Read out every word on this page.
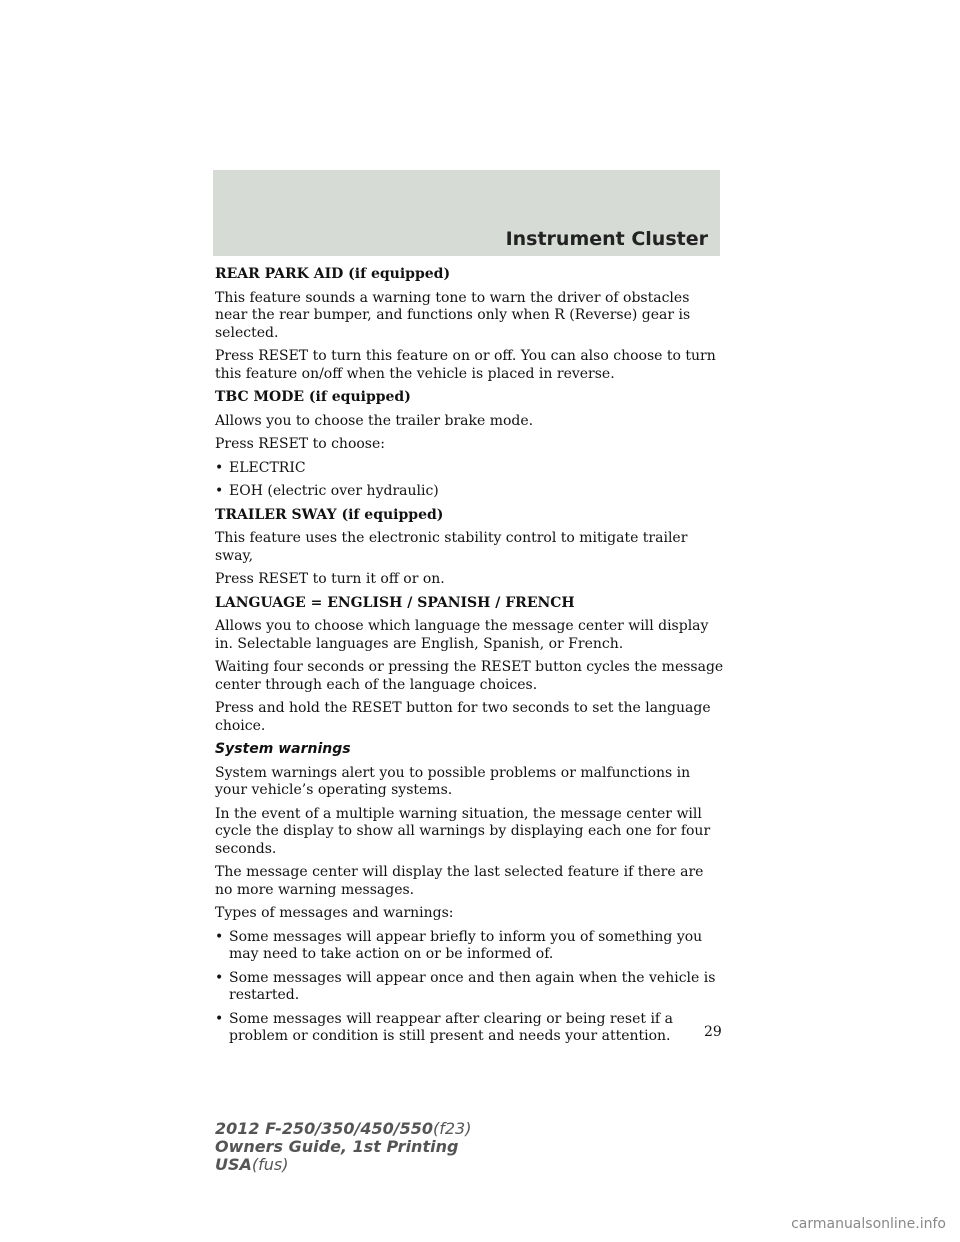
Instrument Cluster
REAR PARK AID (if equipped)

This feature sounds a warning tone to warn the driver of obstacles near the rear bumper, and functions only when R (Reverse) gear is selected.

Press RESET to turn this feature on or off. You can also choose to turn this feature on/off when the vehicle is placed in reverse.

TBC MODE (if equipped)

Allows you to choose the trailer brake mode.

Press RESET to choose:

• ELECTRIC
• EOH (electric over hydraulic)
TRAILER SWAY (if equipped)

This feature uses the electronic stability control to mitigate trailer sway,

Press RESET to turn it off or on.

LANGUAGE = ENGLISH / SPANISH / FRENCH

Allows you to choose which language the message center will display in. Selectable languages are English, Spanish, or French.

Waiting four seconds or pressing the RESET button cycles the message center through each of the language choices.

Press and hold the RESET button for two seconds to set the language choice.

System warnings

System warnings alert you to possible problems or malfunctions in your vehicle’s operating systems.

In the event of a multiple warning situation, the message center will cycle the display to show all warnings by displaying each one for four seconds.

The message center will display the last selected feature if there are no more warning messages.

Types of messages and warnings:

• Some messages will appear briefly to inform you of something you may need to take action on or be informed of.
• Some messages will appear once and then again when the vehicle is restarted.
• Some messages will reappear after clearing or being reset if a problem or condition is still present and needs your attention.	29
2012 F-250/350/450/550(f23)
Owners Guide, 1st Printing
USA(fus)
carmanualsonline.info
